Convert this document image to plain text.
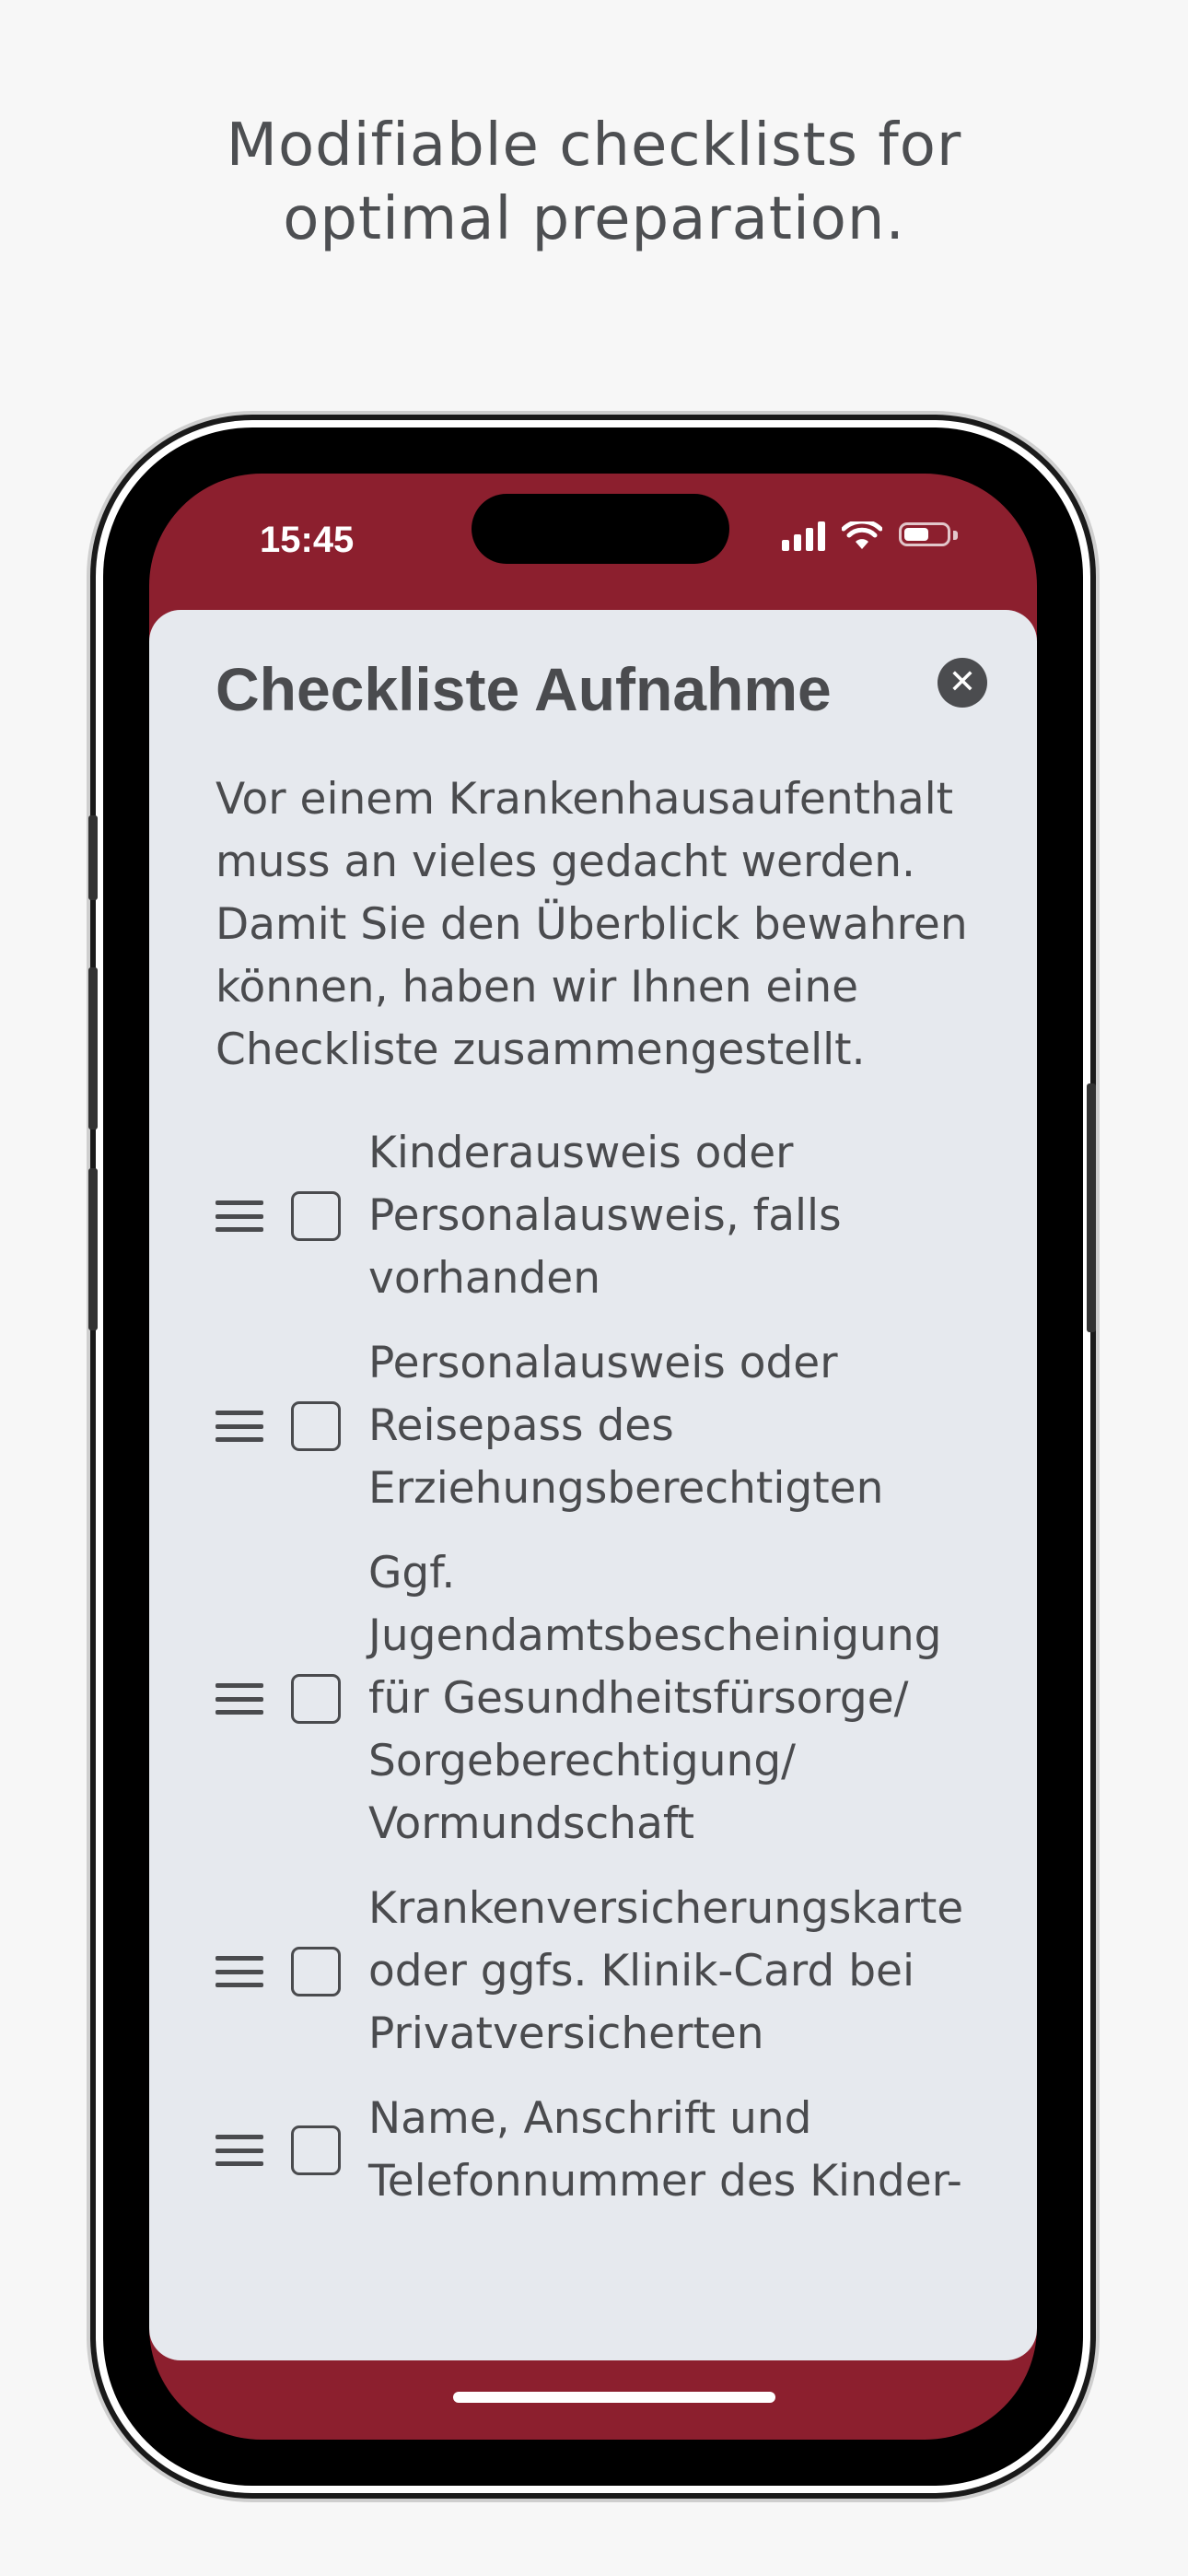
Modifiable checklists for
optimal preparation.
15:45
Checkliste Aufnahme	✕
Vor einem Krankenhausaufenthalt muss an vieles gedacht werden. Damit Sie den Überblick bewahren können, haben wir Ihnen eine Checkliste zusammengestellt.
Kinderausweis oder Personalausweis, falls vorhanden
Personalausweis oder Reisepass des Erziehungsberechtigten
Ggf. Jugendamtsbescheinigung für Gesundheitsfürsorge/ Sorgeberechtigung/ Vormundschaft
Krankenversicherungskarte oder ggfs. Klinik-Card bei Privatversicherten
Name, Anschrift und Telefonnummer des Kinder-
